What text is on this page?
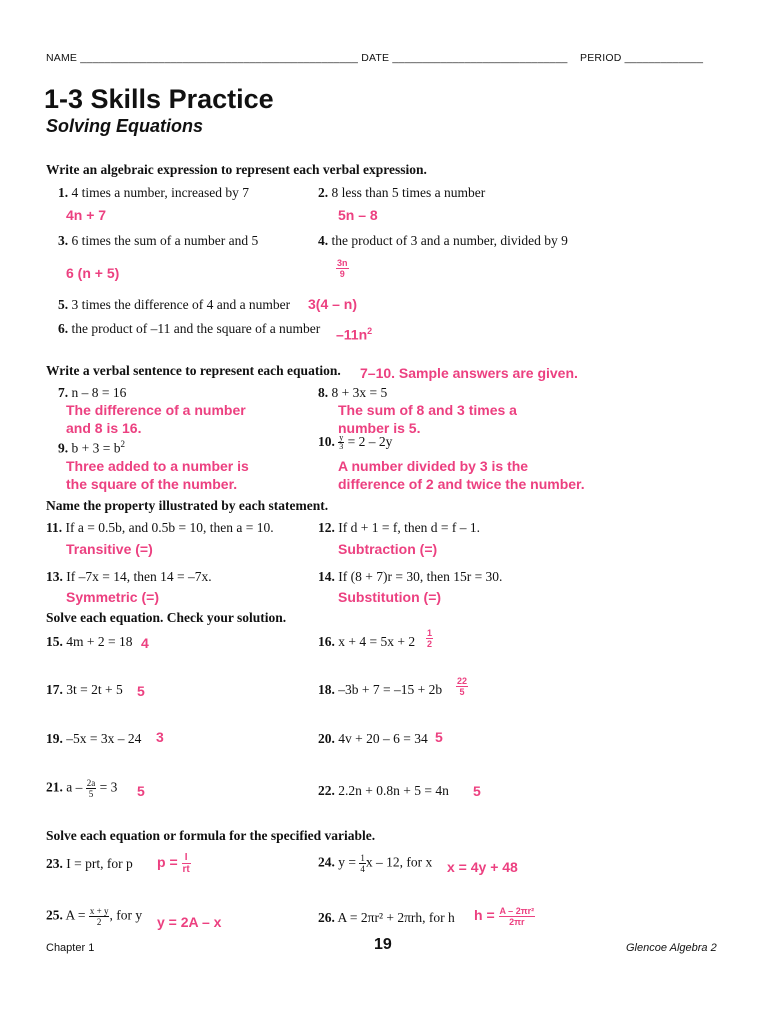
NAME ______________________________________________ DATE _____________________________ PERIOD _____________
1-3 Skills Practice
Solving Equations
Write an algebraic expression to represent each verbal expression.
1. 4 times a number, increased by 7
4n + 7
2. 8 less than 5 times a number
5n – 8
3. 6 times the sum of a number and 5
6 (n + 5)
4. the product of 3 and a number, divided by 9
$\frac{3n}{9}$
5. 3 times the difference of 4 and a number 3(4 – n)
6. the product of –11 and the square of a number $-11n^2$
Write a verbal sentence to represent each equation. 7–10. Sample answers are given.
7. n – 8 = 16
The difference of a number
and 8 is 16.
8. 8 + 3x = 5
The sum of 8 and 3 times a
number is 5.
9. $b + 3 = b^2$
Three added to a number is
the square of the number.
10. $\frac{y}{3} = 2 - 2y$
A number divided by 3 is the
difference of 2 and twice the number.
Name the property illustrated by each statement.
11. If a = 0.5b, and 0.5b = 10, then a = 10.
Transitive (=)
12. If d + 1 = f, then d = f – 1.
Subtraction (=)
13. If –7x = 14, then 14 = –7x.
Symmetric (=)
14. If (8 + 7)r = 30, then 15r = 30.
Substitution (=)
Solve each equation. Check your solution.
15. 4m + 2 = 18 4	16. $x + 4 = 5x + 2 \frac{1}{2}$
17. 3t = 2t + 5 5	18. $-3b + 7 = -15 + 2b \frac{22}{5}$
19. –5x = 3x – 24 3	20. 4v + 20 – 6 = 34 5
21. $a - \frac{2a}{5} = 3$ 5	22. 2.2n + 0.8n + 5 = 4n 5
Solve each equation or formula for the specified variable.
23. I = prt, for p $p = \frac{I}{rt}$	24. $y = \frac{1}{4}$ x – 12, for x x = 4y + 48
25. $A = \frac{x + y}{2}$ , for y y = 2A – x	26. A = 2πr² + 2πrh, for h $h = \frac{\text{A – 2πr²}}{2\pi r}$
Chapter 1	19	Glencoe Algebra 2
